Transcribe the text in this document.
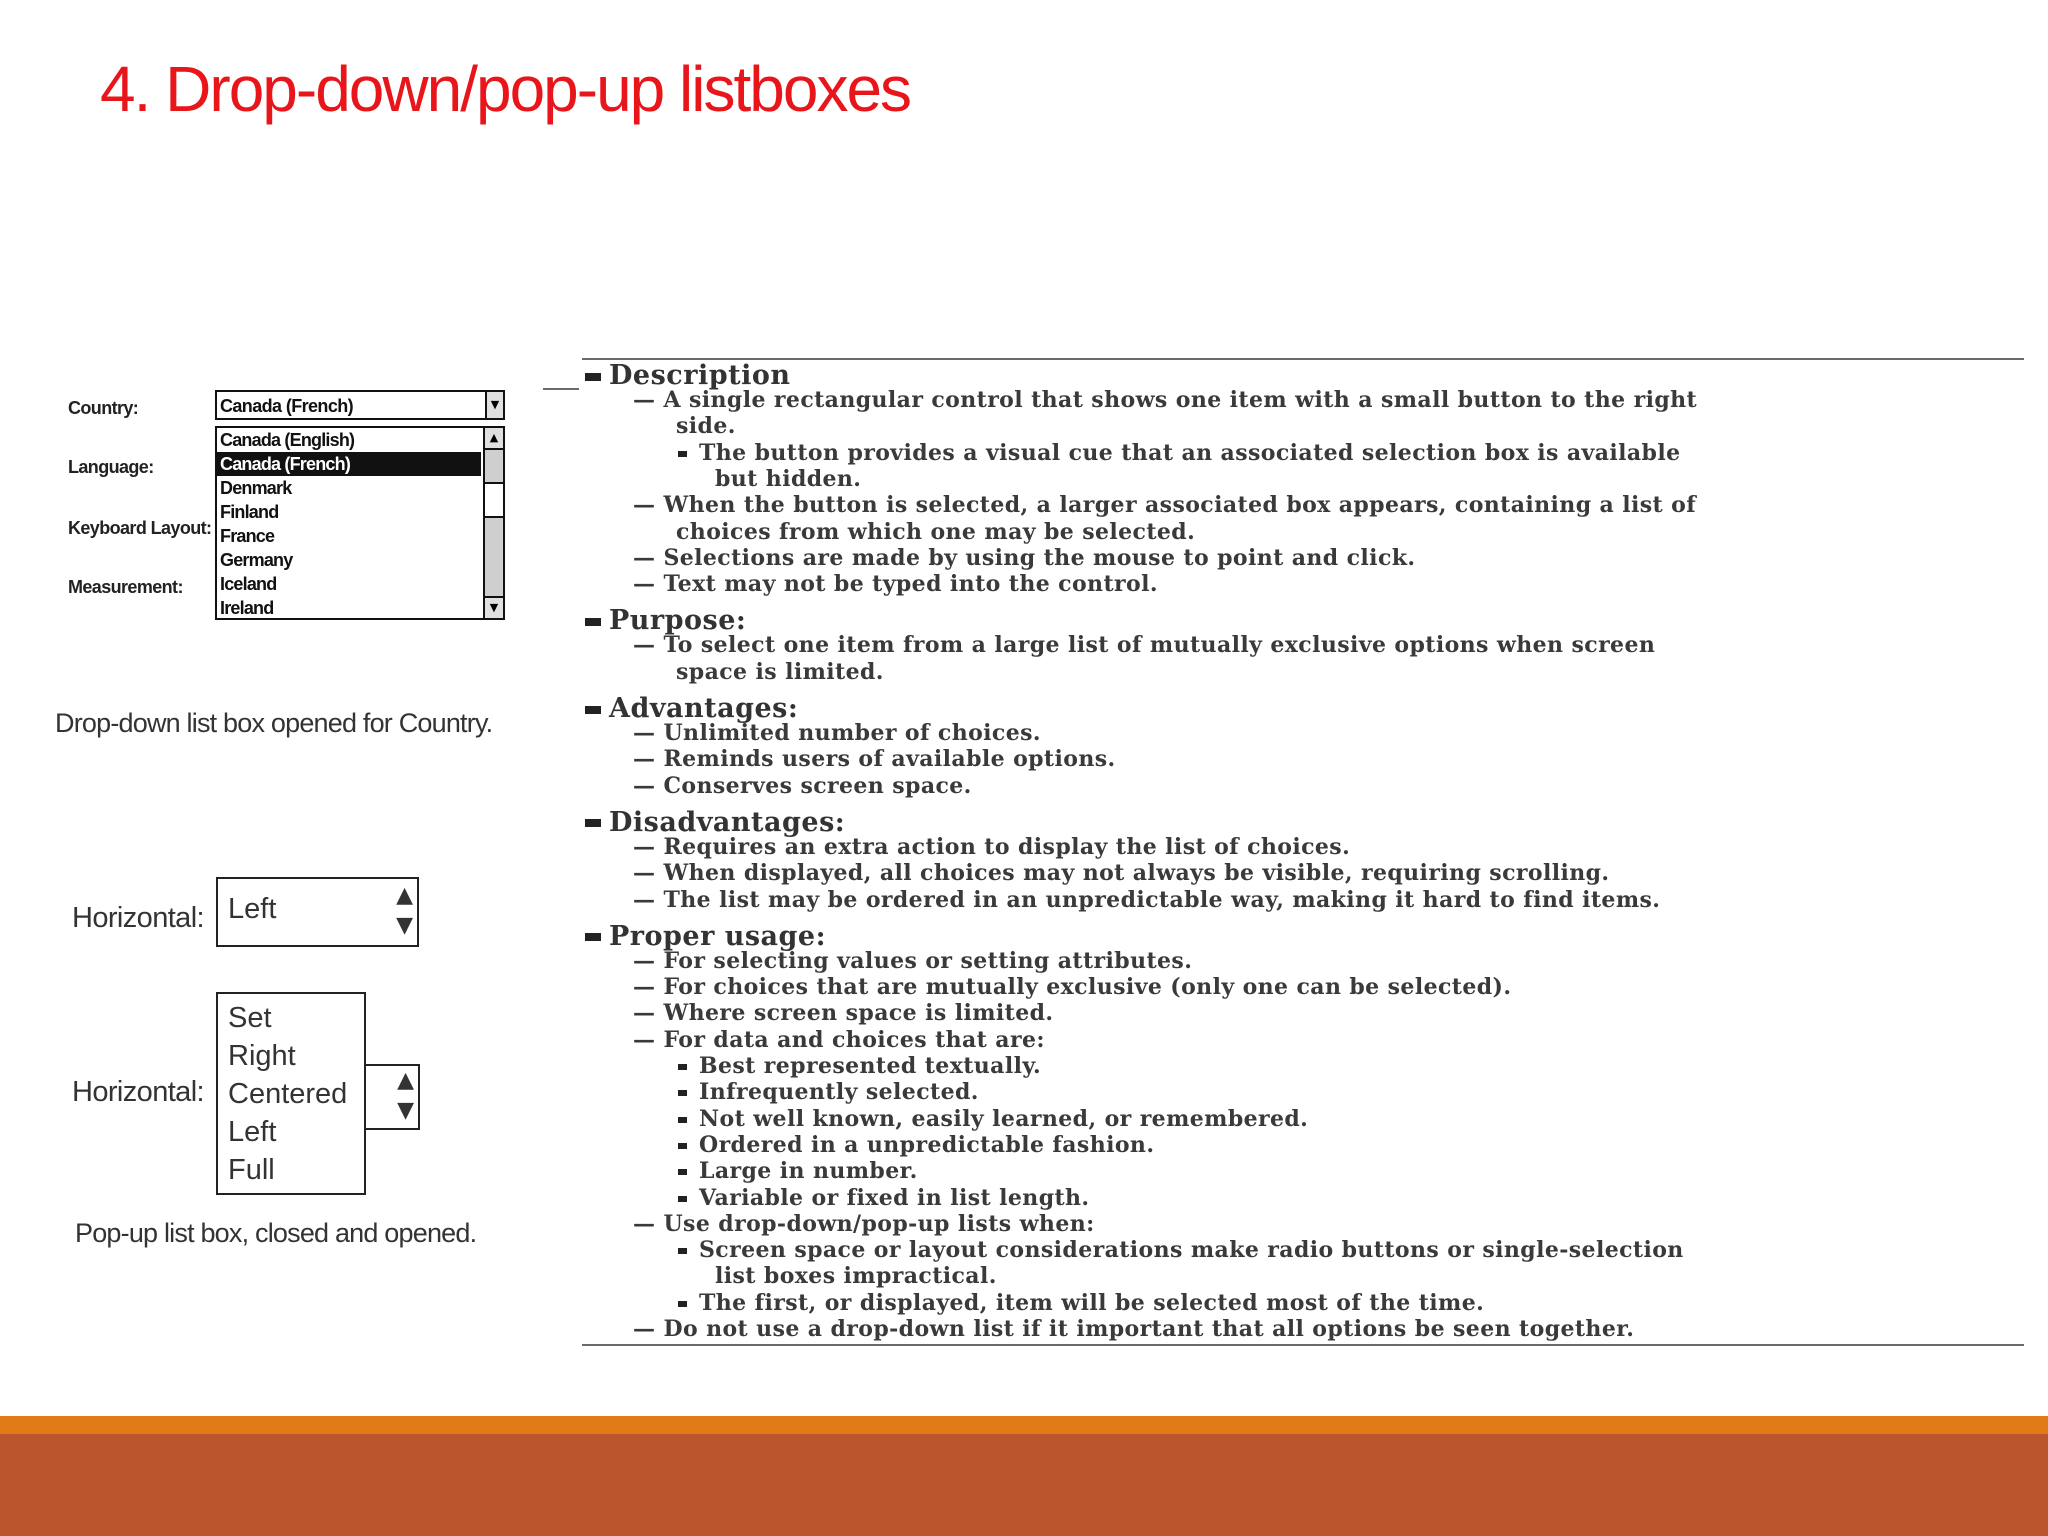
4. Drop-down/pop-up listboxes
Country:
Language:
Keyboard Layout:
Measurement:
Canada (French)	▼
Canada (English)
Canada (French)
Denmark
Finland
France
Germany
Iceland
Ireland
▲
▼
Drop-down list box opened for Country.
Horizontal: Left	▲
▼
Horizontal:
Set
Right
Centered
Left
Full
▲
▼
Pop-up list box, closed and opened.
Description
— A single rectangular control that shows one item with a small button to the right
side.
The button provides a visual cue that an associated selection box is available
but hidden.
— When the button is selected, a larger associated box appears, containing a list of
choices from which one may be selected.
— Selections are made by using the mouse to point and click.
— Text may not be typed into the control.
Purpose:
— To select one item from a large list of mutually exclusive options when screen
space is limited.
Advantages:
— Unlimited number of choices.
— Reminds users of available options.
— Conserves screen space.
Disadvantages:
— Requires an extra action to display the list of choices.
— When displayed, all choices may not always be visible, requiring scrolling.
— The list may be ordered in an unpredictable way, making it hard to find items.
Proper usage:
— For selecting values or setting attributes.
— For choices that are mutually exclusive (only one can be selected).
— Where screen space is limited.
— For data and choices that are:
Best represented textually.
Infrequently selected.
Not well known, easily learned, or remembered.
Ordered in a unpredictable fashion.
Large in number.
Variable or fixed in list length.
— Use drop-down/pop-up lists when:
Screen space or layout considerations make radio buttons or single-selection
list boxes impractical.
The first, or displayed, item will be selected most of the time.
— Do not use a drop-down list if it important that all options be seen together.
